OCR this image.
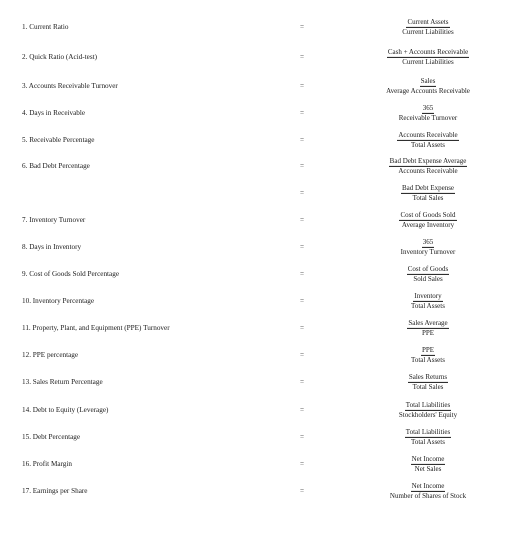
1. Current Ratio	=
Current Assets
Current Liabilities
2. Quick Ratio (Acid-test)	=
Cash + Accounts Receivable
Current Liabilities
3. Accounts Receivable Turnover	=
Sales
Average Accounts Receivable
4. Days in Receivable	=
365
Receivable Turnover
5. Receivable Percentage	=
Accounts Receivable
Total Assets
6. Bad Debt Percentage	=
Bad Debt Expense Average
Accounts Receivable
=
Bad Debt Expense
Total Sales
7. Inventory Turnover	=
Cost of Goods Sold
Average Inventory
8. Days in Inventory	=
365
Inventory Turnover
9. Cost of Goods Sold Percentage	=
Cost of Goods
Sold Sales
10. Inventory Percentage	=
Inventory
Total Assets
11. Property, Plant, and Equipment (PPE) Turnover	=
Sales Average
PPE
12. PPE percentage	=
PPE
Total Assets
13. Sales Return Percentage	=
Sales Returns
Total Sales
14. Debt to Equity (Leverage)	=
Total Liabilities
Stockholders' Equity
15. Debt Percentage	=
Total Liabilities
Total Assets
16. Profit Margin	=
Net Income
Net Sales
17. Earnings per Share	=
Net Income
Number of Shares of Stock
